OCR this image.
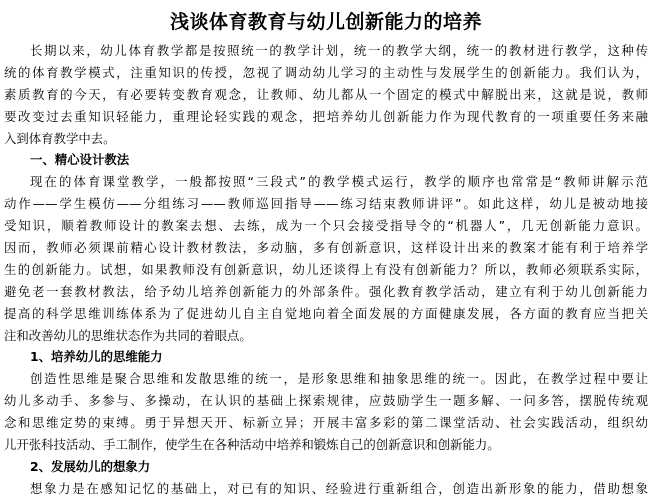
浅谈体育教育与幼儿创新能力的培养
长期以来，幼儿体育教学都是按照统一的教学计划，统一的教学大纲，统一的教材进行教学，这种传
统的体育教学模式，注重知识的传授，忽视了调动幼儿学习的主动性与发展学生的创新能力。我们认为，
素质教育的今天，有必要转变教育观念，让教师、幼儿都从一个固定的模式中解脱出来，这就是说，教师
要改变过去重知识轻能力，重理论轻实践的观念，把培养幼儿创新能力作为现代教育的一项重要任务来融
入到体育教学中去。
一、精心设计教法
现在的体育课堂教学，一般都按照“三段式”的教学模式运行，教学的顺序也常常是“教师讲解示范
动作——学生模仿——分组练习——教师巡回指导——练习结束教师讲评”。如此这样，幼儿是被动地接
受知识，顺着教师设计的教案去想、去练，成为一个只会接受指导令的“机器人”，几无创新能力意识。
因而，教师必须课前精心设计教材教法，多动脑，多有创新意识，这样设计出来的教案才能有利于培养学
生的创新能力。试想，如果教师没有创新意识，幼儿还谈得上有没有创新能力？所以，教师必须联系实际，
避免老一套教材教法，给予幼儿培养创新能力的外部条件。强化教育教学活动，建立有利于幼儿创新能力
提高的科学思维训练体系为了促进幼儿自主自觉地向着全面发展的方面健康发展，各方面的教育应当把关
注和改善幼儿的思维状态作为共同的着眼点。
1、培养幼儿的思维能力
创造性思维是聚合思维和发散思维的统一，是形象思维和抽象思维的统一。因此，在教学过程中要让
幼儿多动手、多参与、多操动，在认识的基础上探索规律，应鼓励学生一题多解、一问多答，摆脱传统观
念和思维定势的束缚。勇于异想天开、标新立异；开展丰富多彩的第二课堂活动、社会实践活动，组织幼
儿开张科技活动、手工制作，使学生在各种活动中培养和锻炼自己的创新意识和创新能力。
2、发展幼儿的想象力
想象力是在感知记忆的基础上，对已有的知识、经验进行重新组合，创造出新形象的能力，借助想象
